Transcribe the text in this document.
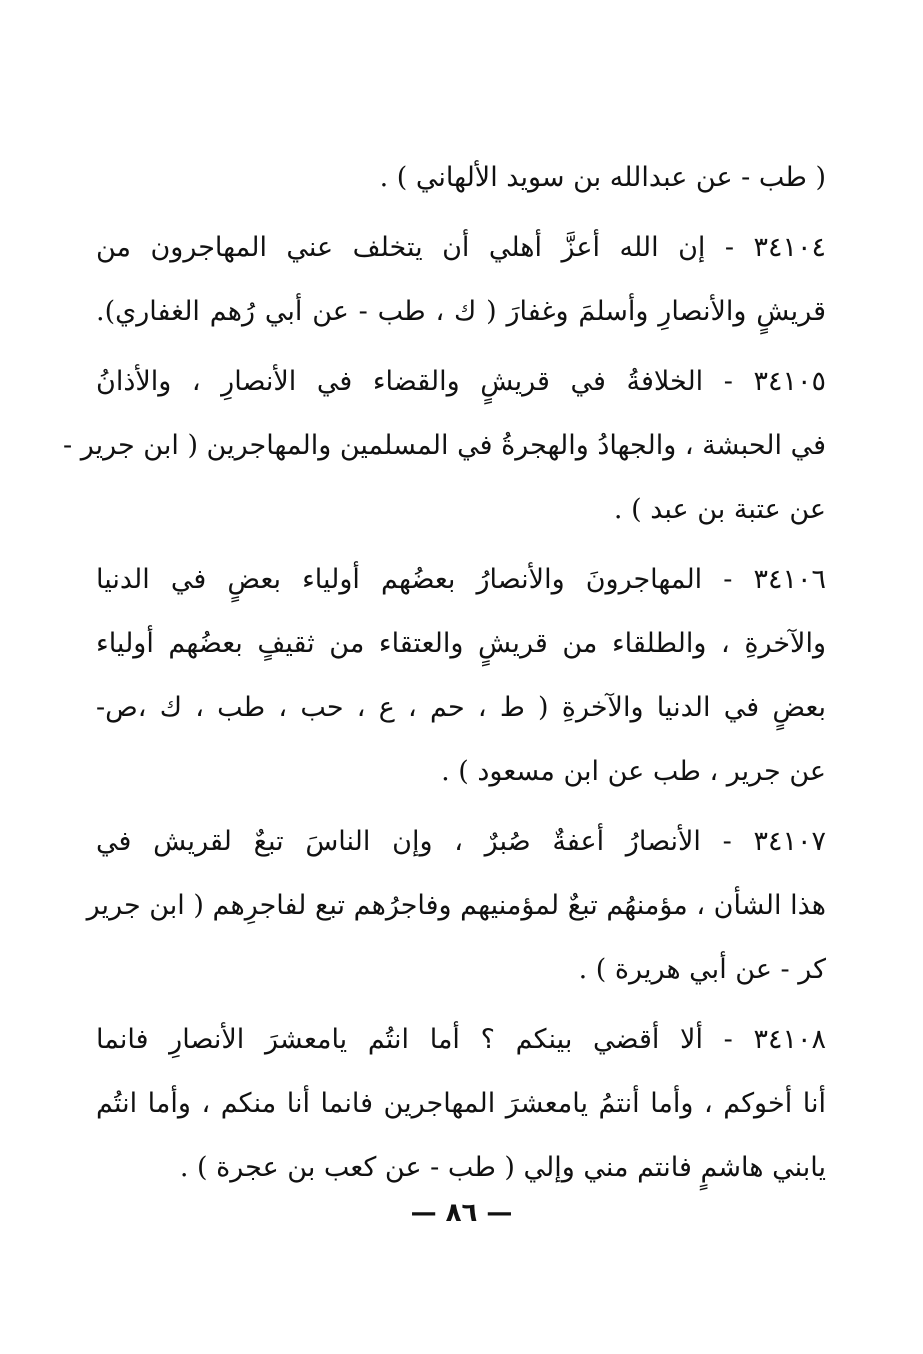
( طب - عن عبدالله بن سويد الألهاني ) .
٣٤١٠٤ - إن الله أعزَّ أهلي أن يتخلف عني المهاجرون من
قريشٍ والأنصارِ وأسلمَ وغفارَ ( ك ، طب - عن أبي رُهم الغفاري).
٣٤١٠٥ - الخلافةُ في قريشٍ والقضاء في الأنصارِ ، والأذانُ
في الحبشة ، والجهادُ والهجرةُ في المسلمين والمهاجرين ( ابن جرير -
عن عتبة بن عبد ) .
٣٤١٠٦ - المهاجرونَ والأنصارُ بعضُهم أولياء بعضٍ في الدنيا
والآخرةِ ، والطلقاء من قريشٍ والعتقاء من ثقيفٍ بعضُهم أولياء
بعضٍ في الدنيا والآخرةِ ( ط ، حم ، ع ، حب ، طب ، ك ،ص-
عن جرير ، طب عن ابن مسعود ) .
٣٤١٠٧ - الأنصارُ أعفةٌ صُبرٌ ، وإن الناسَ تبعٌ لقريش في
هذا الشأن ، مؤمنهُم تبعٌ لمؤمنيهم وفاجرُهم تبع لفاجرِهم ( ابن جرير
كر - عن أبي هريرة ) .
٣٤١٠٨ - ألا أقضي بينكم ؟ أما انتُم يامعشرَ الأنصارِ فانما
أنا أخوكم ، وأما أنتمُ يامعشرَ المهاجرين فانما أنا منكم ، وأما انتُم
يابني هاشمٍ فانتم مني وإلي ( طب - عن كعب بن عجرة ) .
— ٨٦ —
